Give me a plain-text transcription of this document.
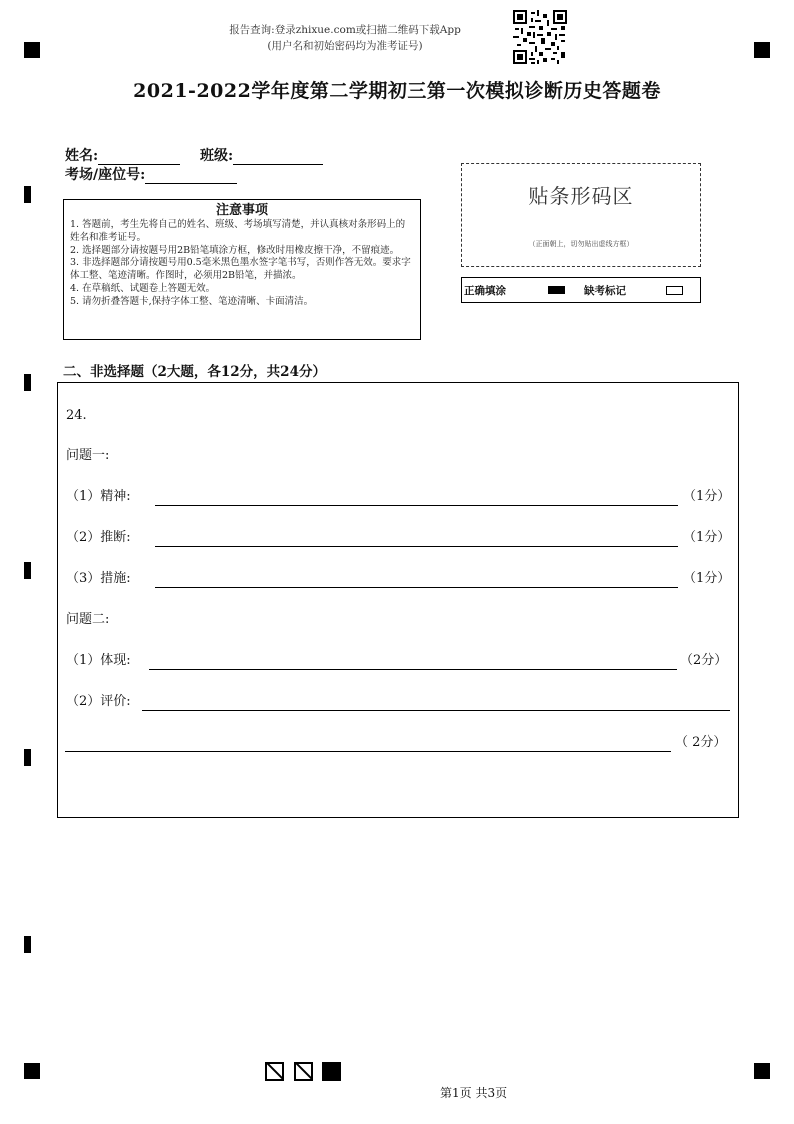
报告查询:登录zhixue.com或扫描二维码下载App
(用户名和初始密码均为准考证号)
2021-2022学年度第二学期初三第一次模拟诊断历史答题卷
姓名:	班级:
考场/座位号:
注意事项
1. 答题前，考生先将自己的姓名、班级、考场填写清楚，并认真核对条形码上的姓名和准考证号。
2. 选择题部分请按题号用2B铅笔填涂方框，修改时用橡皮擦干净，不留痕迹。
3. 非选择题部分请按题号用0.5毫米黑色墨水签字笔书写，否则作答无效。要求字体工整、笔迹清晰。作图时，必须用2B铅笔，并描浓。
4. 在草稿纸、试题卷上答题无效。
5. 请勿折叠答题卡,保持字体工整、笔迹清晰、卡面清洁。
贴条形码区
（正面朝上，切勿贴出虚线方框）
正确填涂	缺考标记
二、非选择题（2大题，各12分，共24分）
24.
问题一:
（1）精神:	（1分）
（2）推断:	（1分）
（3）措施:	（1分）
问题二:
（1）体现:	（2分）
（2）评价:
（ 2分）
第1页 共3页
